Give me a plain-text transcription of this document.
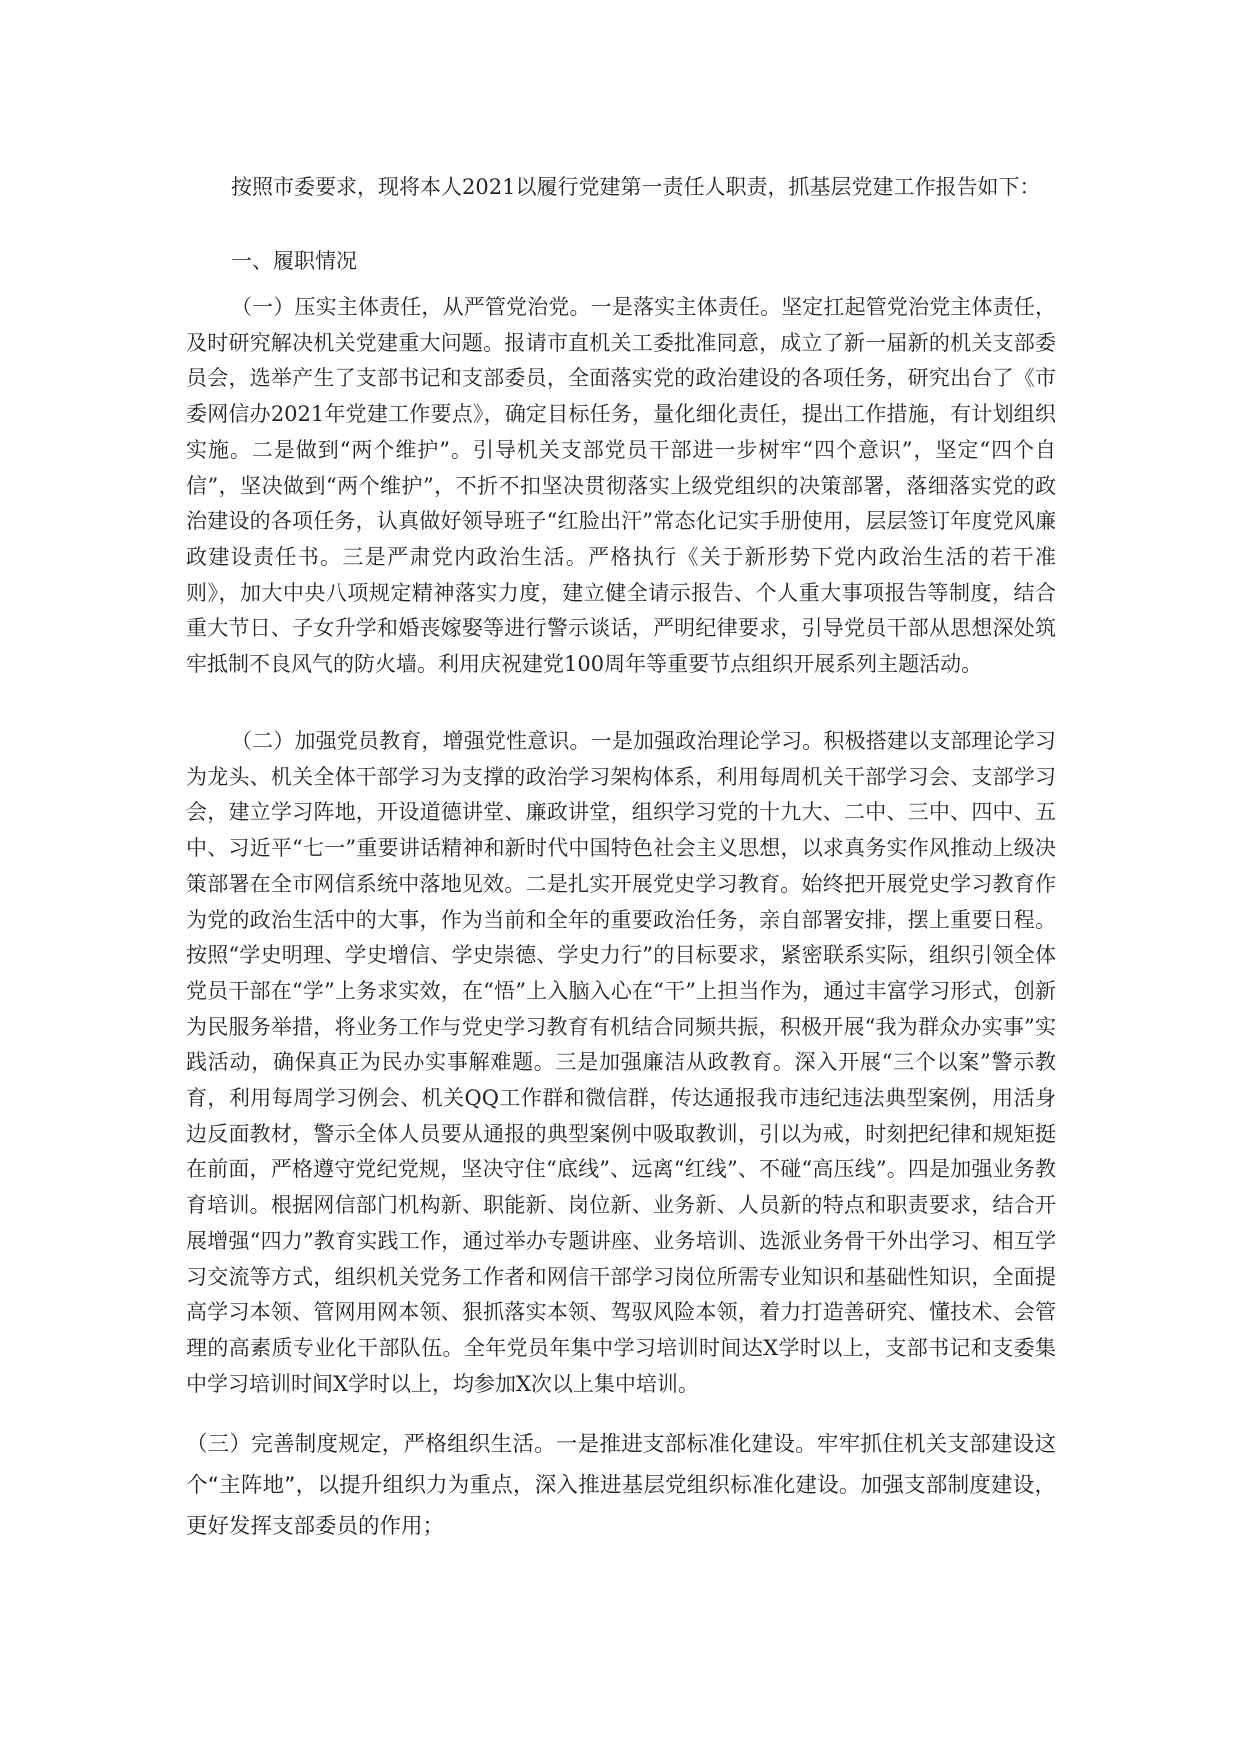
按照市委要求，现将本人2021以履行党建第一责任人职责，抓基层党建工作报告如下：

一、履职情况

（一）压实主体责任，从严管党治党。一是落实主体责任。坚定扛起管党治党主体责任，及时研究解决机关党建重大问题。报请市直机关工委批准同意，成立了新一届新的机关支部委员会，选举产生了支部书记和支部委员，全面落实党的政治建设的各项任务，研究出台了《市委网信办2021年党建工作要点》，确定目标任务，量化细化责任，提出工作措施，有计划组织实施。二是做到“两个维护”。引导机关支部党员干部进一步树牢“四个意识”，坚定“四个自信”，坚决做到“两个维护”，不折不扣坚决贯彻落实上级党组织的决策部署，落细落实党的政治建设的各项任务，认真做好领导班子“红脸出汗”常态化记实手册使用，层层签订年度党风廉政建设责任书。三是严肃党内政治生活。严格执行《关于新形势下党内政治生活的若干准则》，加大中央八项规定精神落实力度，建立健全请示报告、个人重大事项报告等制度，结合重大节日、子女升学和婚丧嫁娶等进行警示谈话，严明纪律要求，引导党员干部从思想深处筑牢抵制不良风气的防火墙。利用庆祝建党100周年等重要节点组织开展系列主题活动。

（二）加强党员教育，增强党性意识。一是加强政治理论学习。积极搭建以支部理论学习为龙头、机关全体干部学习为支撑的政治学习架构体系，利用每周机关干部学习会、支部学习会，建立学习阵地，开设道德讲堂、廉政讲堂，组织学习党的十九大、二中、三中、四中、五中、习近平“七一”重要讲话精神和新时代中国特色社会主义思想，以求真务实作风推动上级决策部署在全市网信系统中落地见效。二是扎实开展党史学习教育。始终把开展党史学习教育作为党的政治生活中的大事，作为当前和全年的重要政治任务，亲自部署安排，摆上重要日程。按照“学史明理、学史增信、学史崇德、学史力行”的目标要求，紧密联系实际，组织引领全体党员干部在“学”上务求实效，在“悟”上入脑入心在“干”上担当作为，通过丰富学习形式，创新为民服务举措，将业务工作与党史学习教育有机结合同频共振，积极开展“我为群众办实事”实践活动，确保真正为民办实事解难题。三是加强廉洁从政教育。深入开展“三个以案”警示教育，利用每周学习例会、机关QQ工作群和微信群，传达通报我市违纪违法典型案例，用活身边反面教材，警示全体人员要从通报的典型案例中吸取教训，引以为戒，时刻把纪律和规矩挺在前面，严格遵守党纪党规，坚决守住“底线”、远离“红线”、不碰“高压线”。四是加强业务教育培训。根据网信部门机构新、职能新、岗位新、业务新、人员新的特点和职责要求，结合开展增强“四力”教育实践工作，通过举办专题讲座、业务培训、选派业务骨干外出学习、相互学习交流等方式，组织机关党务工作者和网信干部学习岗位所需专业知识和基础性知识，全面提高学习本领、管网用网本领、狠抓落实本领、驾驭风险本领，着力打造善研究、懂技术、会管理的高素质专业化干部队伍。全年党员年集中学习培训时间达X学时以上，支部书记和支委集中学习培训时间X学时以上，均参加X次以上集中培训。

（三）完善制度规定，严格组织生活。一是推进支部标准化建设。牢牢抓住机关支部建设这个“主阵地”，以提升组织力为重点，深入推进基层党组织标准化建设。加强支部制度建设，更好发挥支部委员的作用；
